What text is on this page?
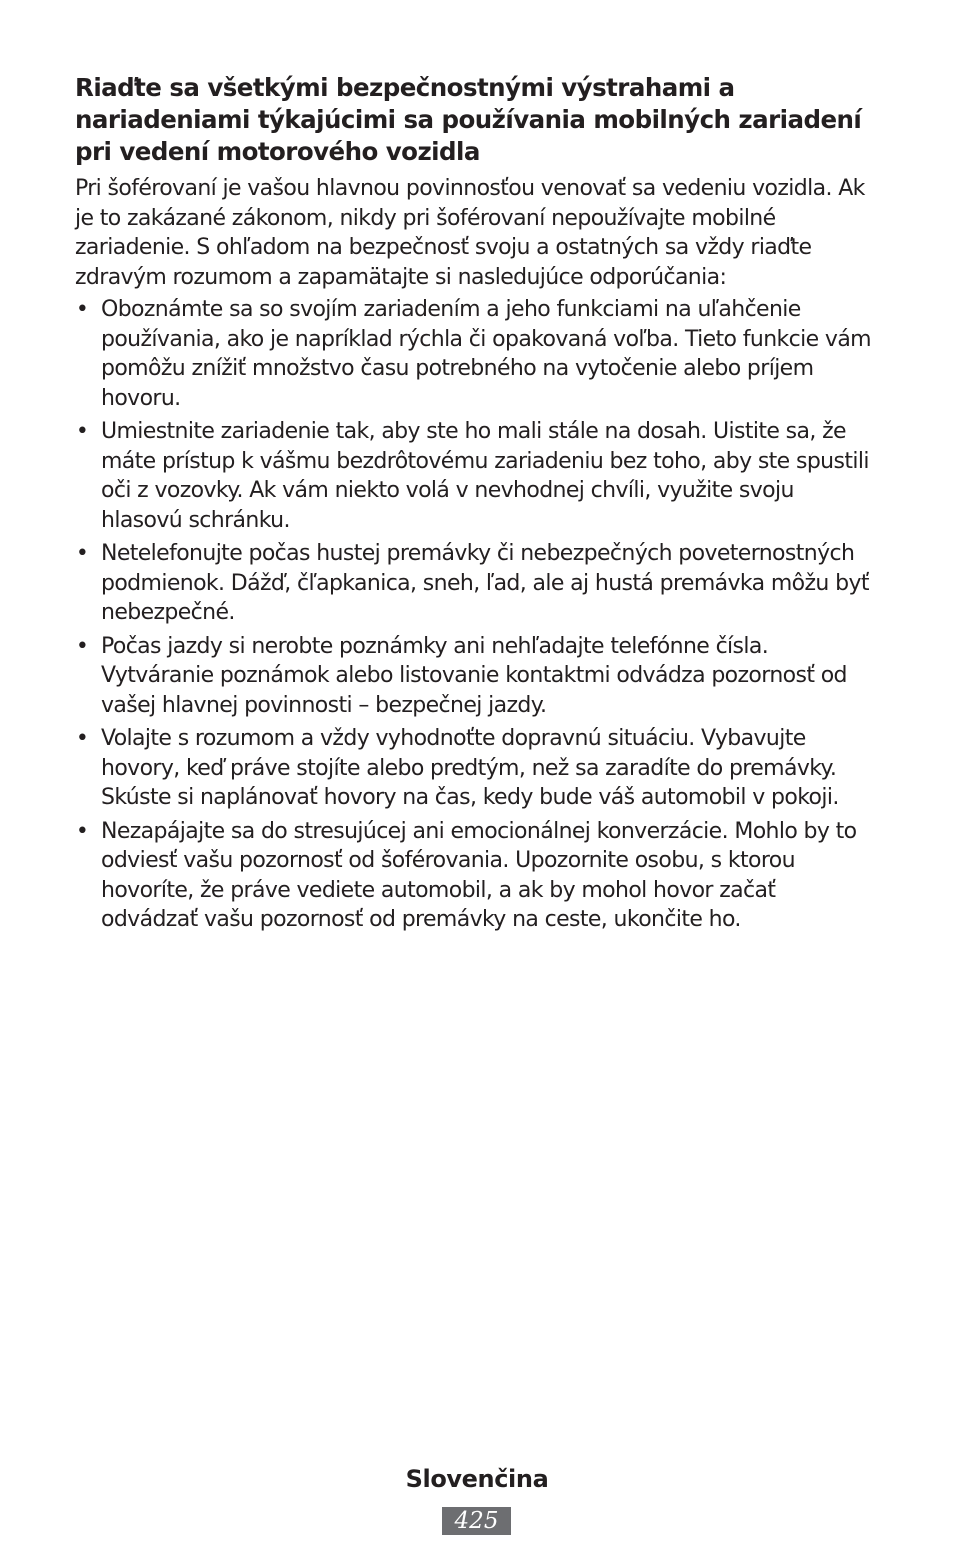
Riaďte sa všetkými bezpečnostnými výstrahami a nariadeniami týkajúcimi sa používania mobilných zariadení pri vedení motorového vozidla

Pri šoférovaní je vašou hlavnou povinnosťou venovať sa vedeniu vozidla. Ak je to zakázané zákonom, nikdy pri šoférovaní nepoužívajte mobilné zariadenie. S ohľadom na bezpečnosť svoju a ostatných sa vždy riaďte zdravým rozumom a zapamätajte si nasledujúce odporúčania:

• Oboznámte sa so svojím zariadením a jeho funkciami na uľahčenie používania, ako je napríklad rýchla či opakovaná voľba. Tieto funkcie vám pomôžu znížiť množstvo času potrebného na vytočenie alebo príjem hovoru.
• Umiestnite zariadenie tak, aby ste ho mali stále na dosah. Uistite sa, že máte prístup k vášmu bezdrôtovému zariadeniu bez toho, aby ste spustili oči z vozovky. Ak vám niekto volá v nevhodnej chvíli, využite svoju hlasovú schránku.
• Netelefonujte počas hustej premávky či nebezpečných poveternostných podmienok. Dážď, čľapkanica, sneh, ľad, ale aj hustá premávka môžu byť nebezpečné.
• Počas jazdy si nerobte poznámky ani nehľadajte telefónne čísla. Vytváranie poznámok alebo listovanie kontaktmi odvádza pozornosť od vašej hlavnej povinnosti – bezpečnej jazdy.
• Volajte s rozumom a vždy vyhodnoťte dopravnú situáciu. Vybavujte hovory, keď práve stojíte alebo predtým, než sa zaradíte do premávky. Skúste si naplánovať hovory na čas, kedy bude váš automobil v pokoji.
• Nezapájajte sa do stresujúcej ani emocionálnej konverzácie. Mohlo by to odviesť vašu pozornosť od šoférovania. Upozornite osobu, s ktorou hovoríte, že práve vediete automobil, a ak by mohol hovor začať odvádzať vašu pozornosť od premávky na ceste, ukončite ho.
Slovenčina
425
